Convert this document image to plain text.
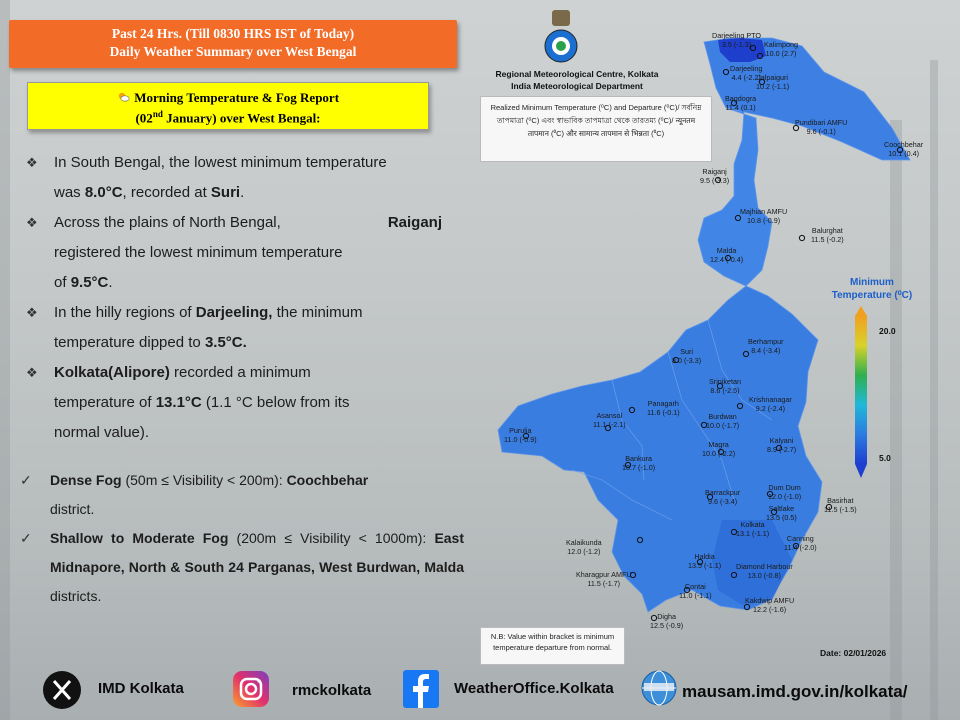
Past 24 Hrs. (Till 0830 HRS IST of Today)
Daily Weather Summary over West Bengal
Morning Temperature & Fog Report
(02nd January) over West Bengal:
❖ In South Bengal, the lowest minimum temperature
was 8.0°C, recorded at Suri.
❖ Across the plains of North Bengal,	Raiganj

registered the lowest minimum temperature
of 9.5°C.
❖ In the hilly regions of Darjeeling, the minimum
temperature dipped to 3.5°C.
❖ Kolkata(Alipore) recorded a minimum
temperature of 13.1°C (1.1 °C below from its
normal value).
✓ Dense Fog (50m ≤ Visibility < 200m): Coochbehar
district.
✓ Shallow to Moderate Fog (200m ≤ Visibility < 1000m): East Midnapore, North & South 24 Parganas, West Burdwan, Malda districts.
Regional Meteorological Centre, Kolkata
India Meteorological Department
Realized Minimum Temperature (⁰C) and Departure (⁰C)/ সর্বনিম্ন তাপমাত্রা (⁰C) এবং স্বাভাবিক তাপমাত্রা থেকে তারতম্য (⁰C)/ न्यूनतम तापमान (⁰C) और सामान्य तापमान से भिन्नता (⁰C)
Darjeeling PTO
3.5 (-1.3)	Kalimpong
10.0 (2.7)
Darjeeling
4.4 (-2.2)
Jalpaiguri
10.2 (-1.1)
Bagdogra
11.4 (0.1)
Pundibari AMFU
9.6 (-0.1)
Coochbehar
10.1 (0.4)
Raiganj
9.5 (-3.3)
Majhian AMFU
10.8 (-0.9)
Balurghat
11.5 (-0.2)
Malda
12.4 (-0.4)
Berhampur
8.4 (-3.4)
Suri
8.0 (-3.3)
Sriniketan
8.6 (-2.5)
Krishnanagar
9.2 (-2.4)
Panagarh
11.6 (-0.1)
Asansol
11.1 (-2.1)
Burdwan
10.0 (-1.7)
Purulia
11.0 (-0.9)
Magra
10.0 (-2.2)
Kalyani
8.9 (-2.7)
Bankura
10.7 (-1.0)
Dum Dum
12.0 (-1.0)
Barrackpur
9.6 (-3.4)	Basirhat
11.5 (-1.5)
Saltlake
13.5 (0.5)
Kolkata
13.1 (-1.1)
Canning
11.4 (-2.0)
Kalaikunda
12.0 (-1.2)
Haldia
13.5 (-1.1) Diamond Harbour
13.0 (-0.8)
Kharagpur AMFU
11.5 (-1.7)	Contai
11.0 (-1.1)
Kakdwip AMFU
12.2 (-1.6)
Digha
12.5 (-0.9)
Minimum
Temperature (⁰C)
20.0
5.0
N.B: Value within bracket is minimum temperature departure from normal.
Date: 02/01/2026
IMD Kolkata	rmckolkata	WeatherOffice.Kolkata	mausam.imd.gov.in/kolkata/
